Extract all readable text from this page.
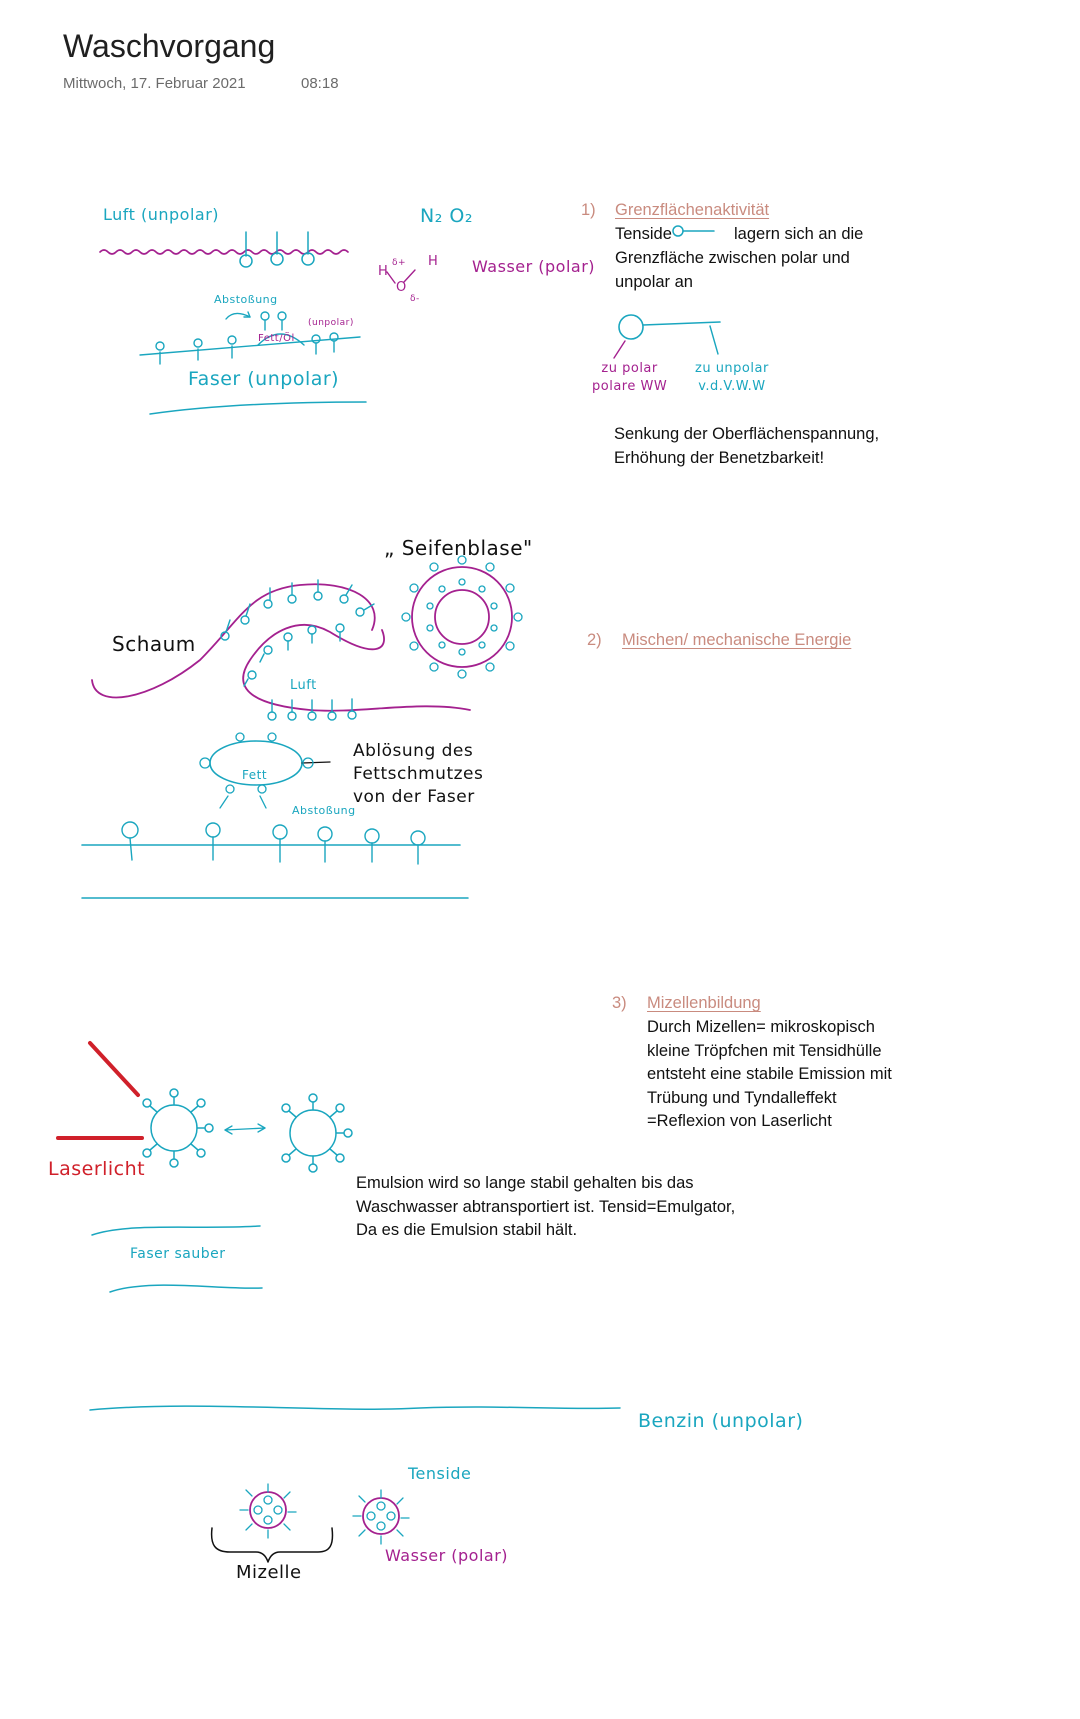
Waschvorgang
Mittwoch, 17. Februar 2021	08:18
Luft (unpolar)	N₂ O₂
H
H
O
δ+
δ-
Wasser (polar)
Abstoßung
(unpolar)
Fett/Öl
Faser (unpolar)
1) Grenzflächenaktivität
Tenside	lagern sich an die
Grenzfläche zwischen polar und
unpolar an
zu polar
polare WW
zu unpolar
v.d.V.W.W
Senkung der Oberflächenspannung,
Erhöhung der Benetzbarkeit!
„ Seifenblase"
Schaum
Luft
Fett
Ablösung des
Fettschmutzes
von der Faser
Abstoßung
2) Mischen/ mechanische Energie
3) Mizellenbildung
Durch Mizellen= mikroskopisch
kleine Tröpfchen mit Tensidhülle
entsteht eine stabile Emission mit
Trübung und Tyndalleffekt
=Reflexion von Laserlicht
Emulsion wird so lange stabil gehalten bis das
Waschwasser abtransportiert ist. Tensid=Emulgator,
Da es die Emulsion stabil hält.
Laserlicht
Faser sauber
Benzin (unpolar)
Tenside
Mizelle
Wasser (polar)
